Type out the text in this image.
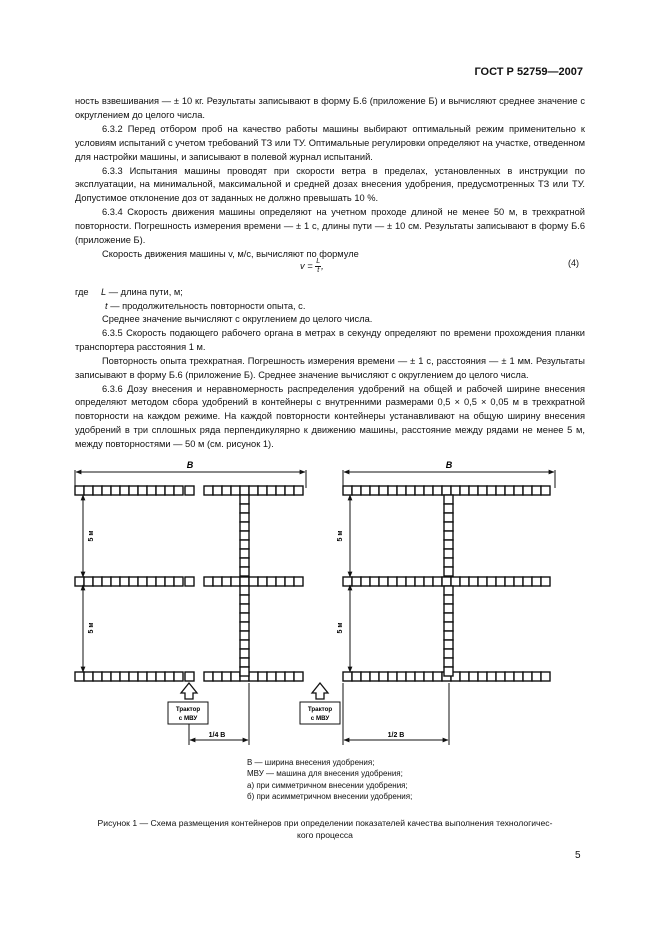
ГОСТ Р 52759—2007

ность взвешивания — ± 10 кг. Результаты записывают в форму Б.6 (приложение Б) и вычисляют среднее значение с округлением до целого числа.

6.3.2 Перед отбором проб на качество работы машины выбирают оптимальный режим применительно к условиям испытаний с учетом требований ТЗ или ТУ. Оптимальные регулировки определяют на участке, отведенном для настройки машины, и записывают в полевой журнал испытаний.

6.3.3 Испытания машины проводят при скорости ветра в пределах, установленных в инструкции по эксплуатации, на минимальной, максимальной и средней дозах внесения удобрения, предусмотренных ТЗ или ТУ. Допустимое отклонение доз от заданных не должно превышать 10 %.

6.3.4 Скорость движения машины определяют на учетном проходе длиной не менее 50 м, в трехкратной повторности. Погрешность измерения времени — ± 1 с, длины пути — ± 10 см. Результаты записывают в форму Б.6 (приложение Б).

Скорость движения машины v, м/с, вычисляют по формуле

$v = \frac{L}{t}$ ,	(4)
где L — длина пути, м;
t — продолжительность повторности опыта, с.

Среднее значение вычисляют с округлением до целого числа.

6.3.5 Скорость подающего рабочего органа в метрах в секунду определяют по времени прохождения планки транспортера расстояния 1 м.

Повторность опыта трехкратная. Погрешность измерения времени — ± 1 с, расстояния — ± 1 мм. Результаты записывают в форму Б.6 (приложение Б). Среднее значение вычисляют с округлением до целого числа.

6.3.6 Дозу внесения и неравномерность распределения удобрений на общей и рабочей ширине внесения определяют методом сбора удобрений в контейнеры с внутренними размерами 0,5 × 0,5 × 0,05 м в трехкратной повторности на каждом режиме. На каждой повторности контейнеры устанавливают на общую ширину внесения удобрений в три сплошных ряда перпендикулярно к движению машины, расстояние между рядами не менее 5 м, между повторностями — 50 м (см. рисунок 1).

B	B
5 м
5 м
5 м
5 м
Трактор
с МВУ
Трактор
с МВУ
1/4 B	1/2 B
B — ширина внесения удобрения;
МВУ — машина для внесения удобрения;
а) при симметричном внесении удобрения;
б) при асимметричном внесении удобрения;
Рисунок 1 — Схема размещения контейнеров при определении показателей качества выполнения технологичес-
кого процесса
5
